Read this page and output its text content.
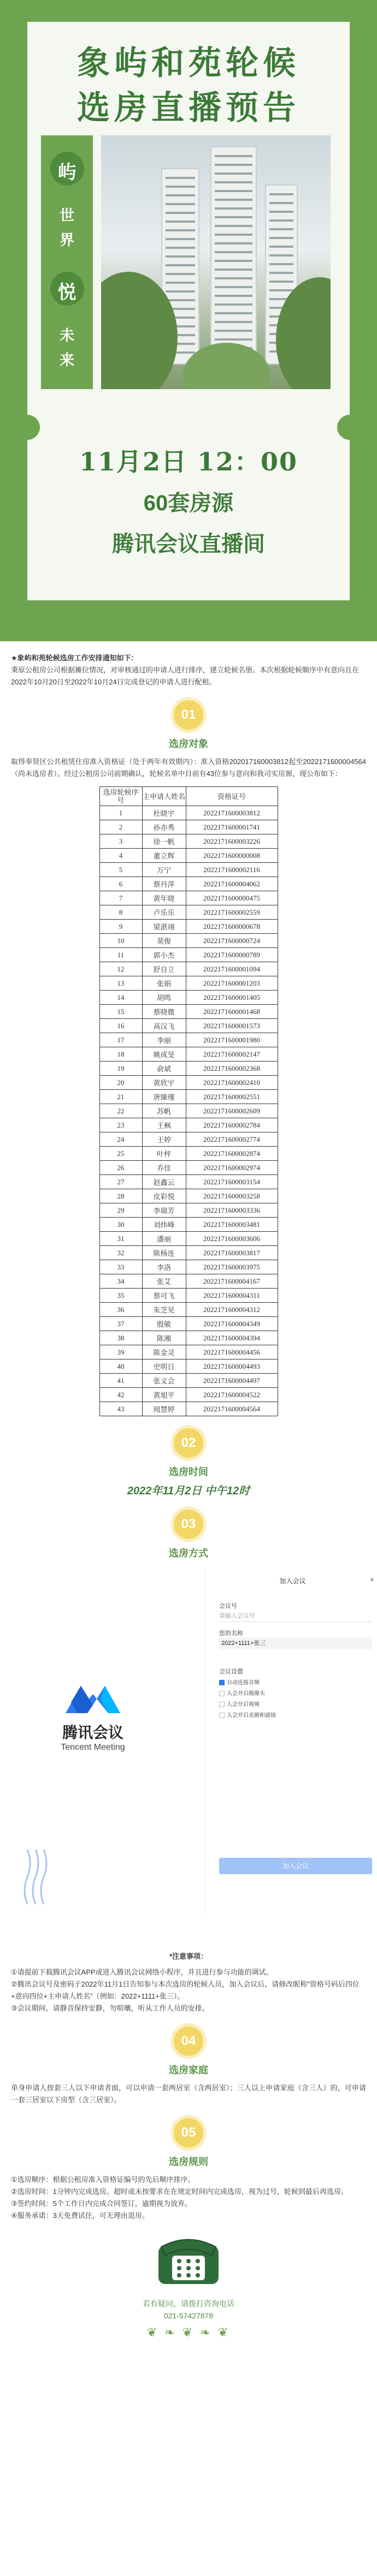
象屿和苑轮候
选房直播预告
屿
世
界
悦
未
来
11月2日 12：00
60套房源
腾讯会议直播间
★象屿和苑轮候选房工作安排通知如下：
秉原公租房公司根据摊位情况，对审核通过的申请人进行排序，建立轮候名册。本次根据轮候顺序中有意向且在2022年10月20日至2022年10月24日完成登记的申请人进行配租。
01
选房对象
取得奉贤区公共租赁住房准入资格证（处于两年有效期内）：准入资格202017160003812起至2022171600004564（尚未选房者）。经过公租房公司前期确认，轮候名单中目前有43位参与意向和我司实房源，现公布如下：
选房轮候序号	主申请人姓名	资格证号
1	杜晓宇	2022171600003812
2	孙亦秀	2022171600001741
3	徐一帆	2022171600003226
4	董立辉	2022171600000008
5	万宁	2022171600002116
6	蔡丹萍	2022171600004062
7	黄年晓	2022171600000475
8	卢乐乐	2022171600002559
9	梁湛翊	2022171600000678
10	莫俊	2022171600000724
11	郭小杰	2022171600000789
12	舒自立	2022171600001094
13	张娟	2022171600001203
14	胡鸣	2022171600001405
15	蔡晓微	2022171600001468
16	高汉飞	2022171600001573
17	李丽	2022171600001980
18	姚成旻	2022171600002147
19	俞斌	2022171600002368
20	黄欣宇	2022171600002410
21	唐臻瑾	2022171600002551
22	苏帆	2022171600002609
23	王枫	2022171600002784
24	王婷	2022171600002774
25	叶枰	2022171600002874
26	乔佳	2022171600002974
27	赵鑫云	2022171600003154
28	皮彩悦	2022171600003258
29	李瑞芳	2022171600003336
30	刘炜峰	2022171600003481
31	潘丽	2022171600003606
32	陈杨连	2022171600003817
33	李洛	2022171600003975
34	张艾	2022171600004167
35	蔡可飞	2022171600004311
36	朱芝见	2022171600004312
37	殷敏	2022171600004349
38	陈湘	2022171600004394
39	陈金灵	2022171600004456
40	史明日	2022171600004493
41	张义会	2022171600004497
42	黄旭平	2022171600004522
43	阅慧婷	2022171600004564
02
选房时间
2022年11月2日 中午12时
03
选房方式
腾讯会议
Tencent Meeting
加入会议	×
会议号
请输入会议号
您的名称
2022+1111+张三
会议设置
自动连接音频
入会开启摄像头
入会开启视频
入会开启美颜和滤镜
加入会议
*注意事项：
①请提前下载腾讯会议APP或进入腾讯会议网络小程序，并且进行参与功能的调试。
②腾讯会议号及密码于2022年11月1日告知参与本次选房的轮候人员，加入会议后，请修改昵称"资格号码后四位+意向四位+主申请人姓名"（例如：2022+1111+张三）。
③会议期间，请静音保持安静，勿喧嚷，听从工作人员的安排。
04
选房家庭
单身申请人按套三人以下申请者面，可以申请一套两居室（含两居室）；三人以上申请家庭（含三人）的，可申请一套三居室以下房型（含三居室）。
05
选房规则
①选房顺序：根据公租房准入资格证编号的先后顺序排序。
②选房时间：1分钟内完成选房。超时或未按要求在在规定时间内完成选房，视为过号，轮候到最后再选房。
③签约时间：5个工作日内完成合同签订，逾期视为放弃。
④服务承诺：3天免费试住，可无理由退房。
若有疑问，请拨打咨询电话
021-57427878
❦ ❧ ❦ ❧ ❦
